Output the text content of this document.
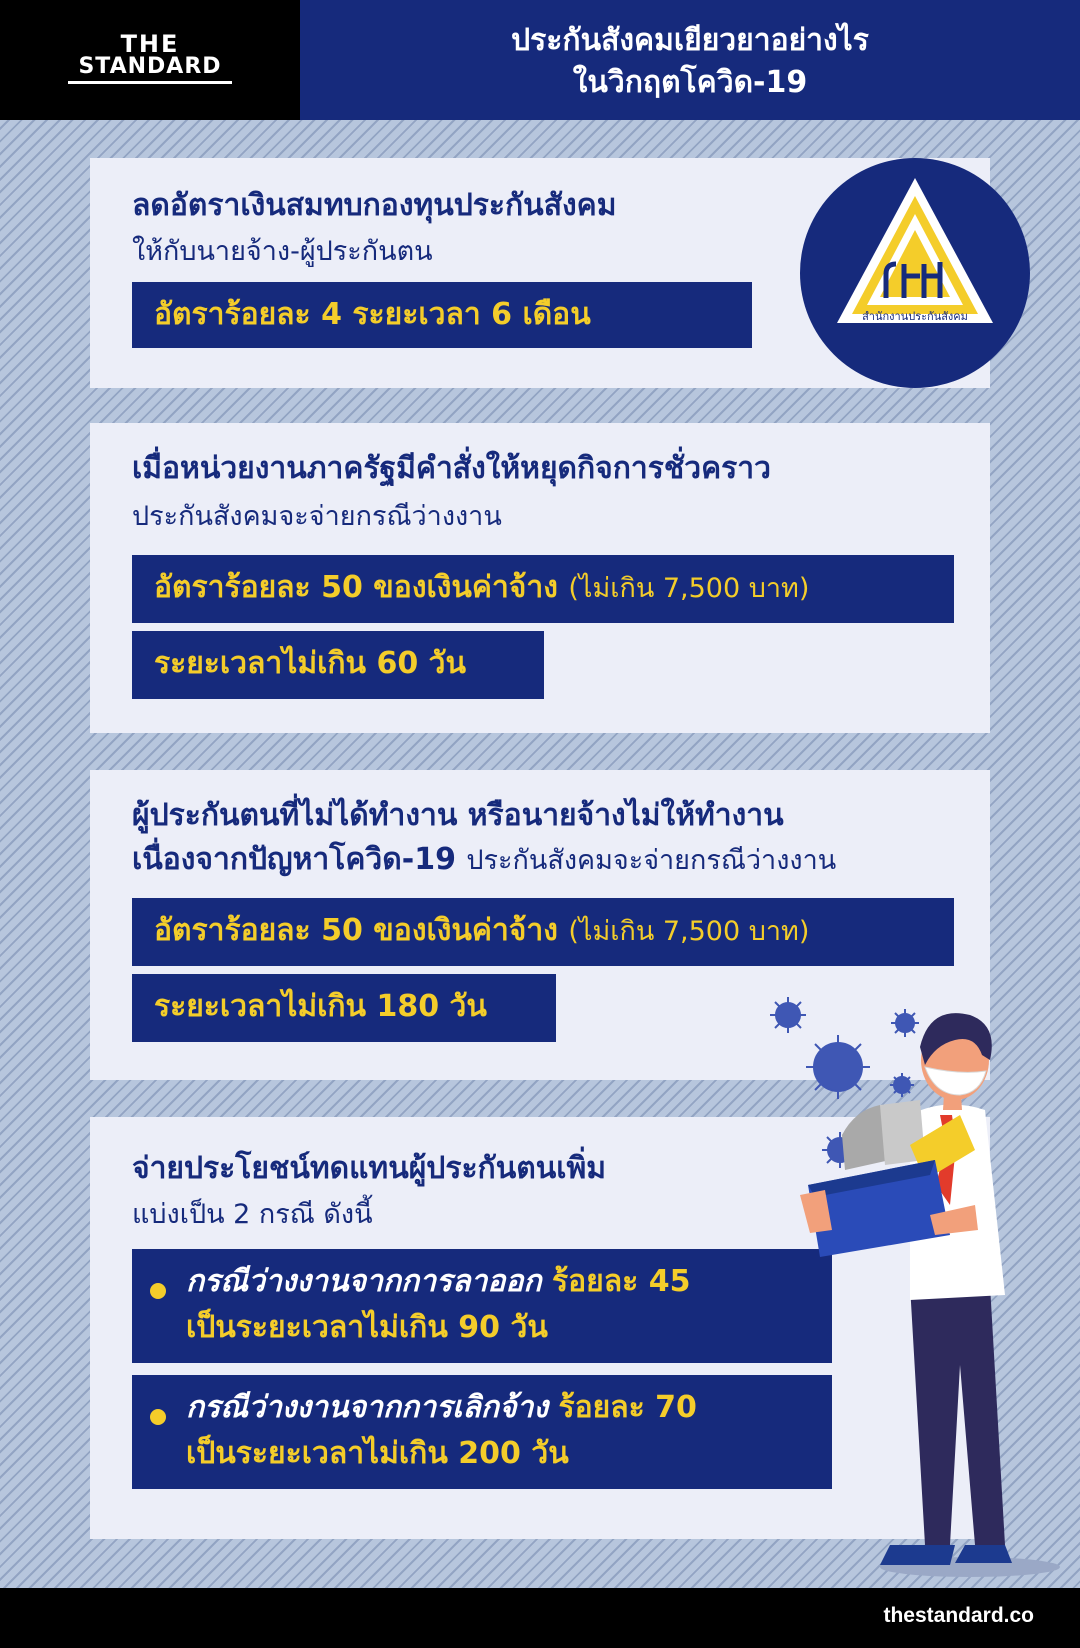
THE
STANDARD
ประกันสังคมเยียวยาอย่างไร
ในวิกฤตโควิด-19
ลดอัตราเงินสมทบกองทุนประกันสังคม
ให้กับนายจ้าง-ผู้ประกันตน
อัตราร้อยละ 4 ระยะเวลา 6 เดือน	สำนักงานประกันสังคม
เมื่อหน่วยงานภาครัฐมีคำสั่งให้หยุดกิจการชั่วคราว
ประกันสังคมจะจ่ายกรณีว่างงาน
อัตราร้อยละ 50 ของเงินค่าจ้าง (ไม่เกิน 7,500 บาท)
ระยะเวลาไม่เกิน 60 วัน
ผู้ประกันตนที่ไม่ได้ทำงาน หรือนายจ้างไม่ให้ทำงาน
เนื่องจากปัญหาโควิด-19 ประกันสังคมจะจ่ายกรณีว่างงาน
อัตราร้อยละ 50 ของเงินค่าจ้าง (ไม่เกิน 7,500 บาท)
ระยะเวลาไม่เกิน 180 วัน
จ่ายประโยชน์ทดแทนผู้ประกันตนเพิ่ม
แบ่งเป็น 2 กรณี ดังนี้
กรณีว่างงานจากการลาออก ร้อยละ 45
เป็นระยะเวลาไม่เกิน 90 วัน
กรณีว่างงานจากการเลิกจ้าง ร้อยละ 70
เป็นระยะเวลาไม่เกิน 200 วัน
thestandard.co
